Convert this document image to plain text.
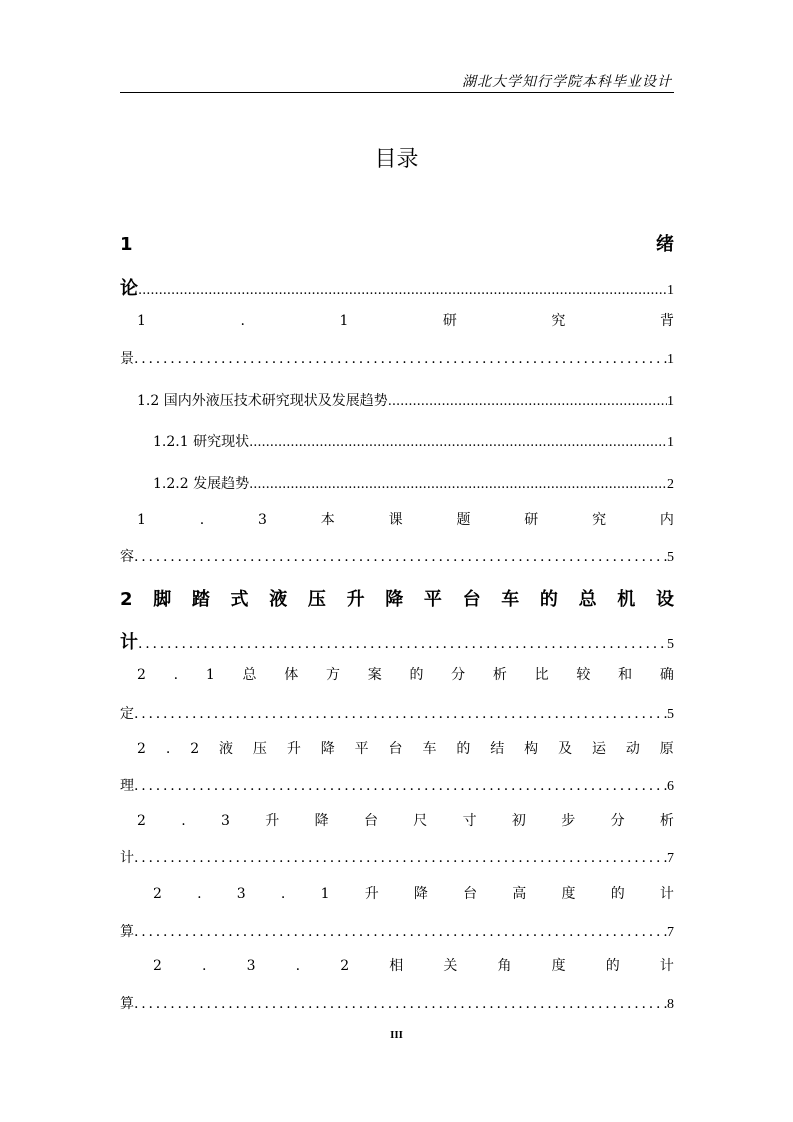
湖北大学知行学院本科毕业设计
目录
1	绪
论 .....	1
1	.	1	研	究	背
景 .....	1
1.2 国内外液压技术研究现状及发展趋势 .....	1
1.2.1 研究现状 .....	1
1.2.2 发展趋势 .....	2
1	.	3	本	课	题	研	究	内
容 .....	5
2 脚 踏 式 液 压 升 降 平 台 车 的 总 机 设
计 .....	5
2 . 1 总 体 方 案 的 分 析 比 较 和 确
定 .....	5
2 . 2 液 压 升 降 平 台 车 的 结 构 及 运 动 原
理 .....	6
2	.	3	升	降	台	尺	寸	初	步	分	析
计 .....	7
2	.	3	.	1	升	降	台	高	度	的	计
算 .....	7
2	.	3	.	2	相	关	角	度	的	计
算 .....	8
III
